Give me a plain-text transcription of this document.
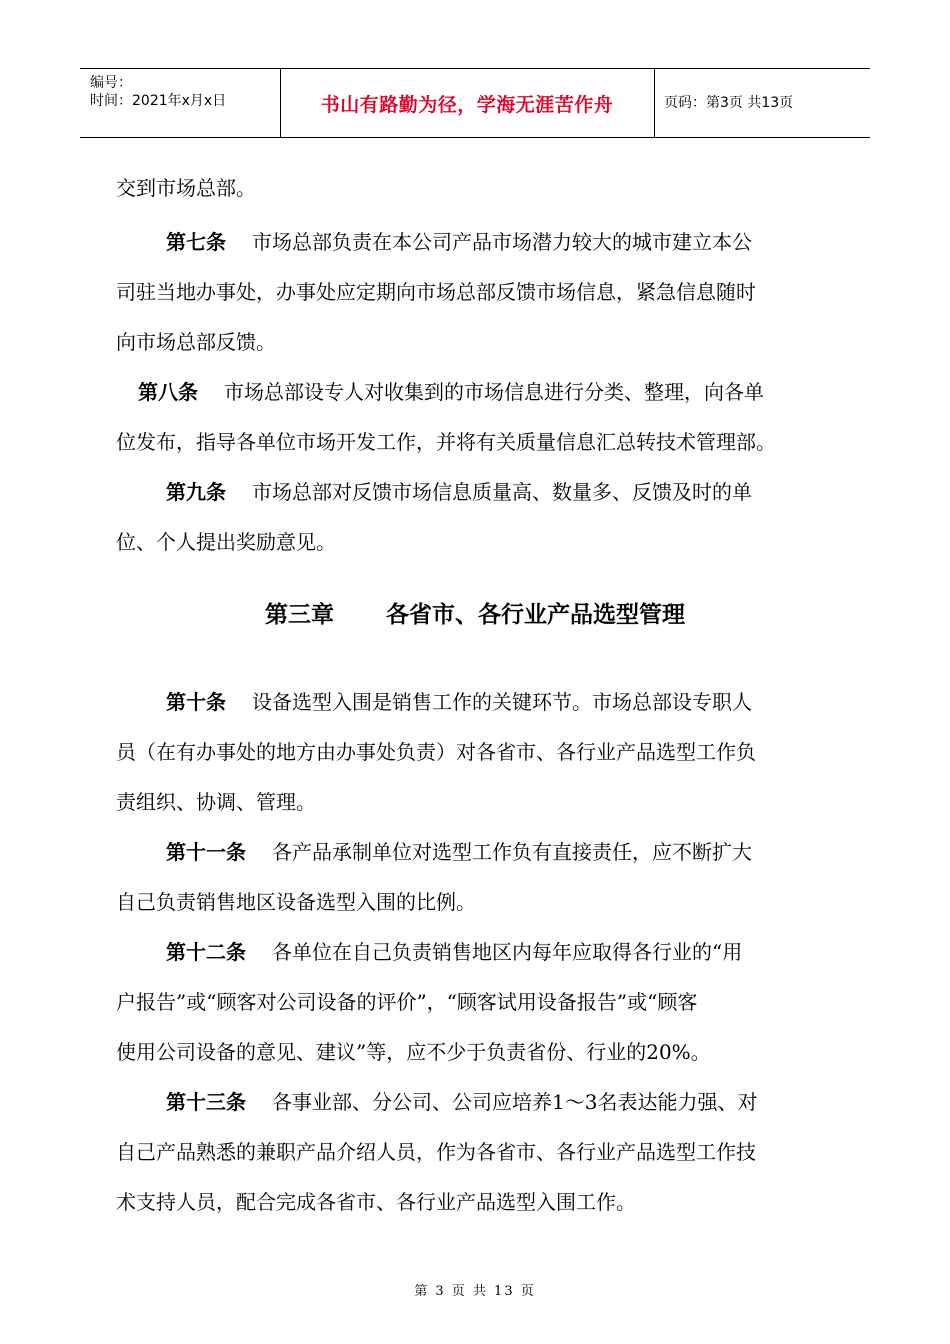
编号：
时间：2021年x月x日	书山有路勤为径，学海无涯苦作舟	页码：第3页 共13页
交到市场总部。
第七条 市场总部负责在本公司产品市场潜力较大的城市建立本公
司驻当地办事处，办事处应定期向市场总部反馈市场信息，紧急信息随时
向市场总部反馈。
第八条 市场总部设专人对收集到的市场信息进行分类、整理，向各单
位发布，指导各单位市场开发工作，并将有关质量信息汇总转技术管理部。
第九条 市场总部对反馈市场信息质量高、数量多、反馈及时的单
位、个人提出奖励意见。
第三章 各省市、各行业产品选型管理
第十条 设备选型入围是销售工作的关键环节。市场总部设专职人
员（在有办事处的地方由办事处负责）对各省市、各行业产品选型工作负
责组织、协调、管理。
第十一条 各产品承制单位对选型工作负有直接责任，应不断扩大
自己负责销售地区设备选型入围的比例。
第十二条 各单位在自己负责销售地区内每年应取得各行业的“用
户报告”或“顾客对公司设备的评价”，“顾客试用设备报告”或“顾客
使用公司设备的意见、建议”等，应不少于负责省份、行业的20%。
第十三条 各事业部、分公司、公司应培养1～3名表达能力强、对
自己产品熟悉的兼职产品介绍人员，作为各省市、各行业产品选型工作技
术支持人员，配合完成各省市、各行业产品选型入围工作。
第 3 页 共 13 页
